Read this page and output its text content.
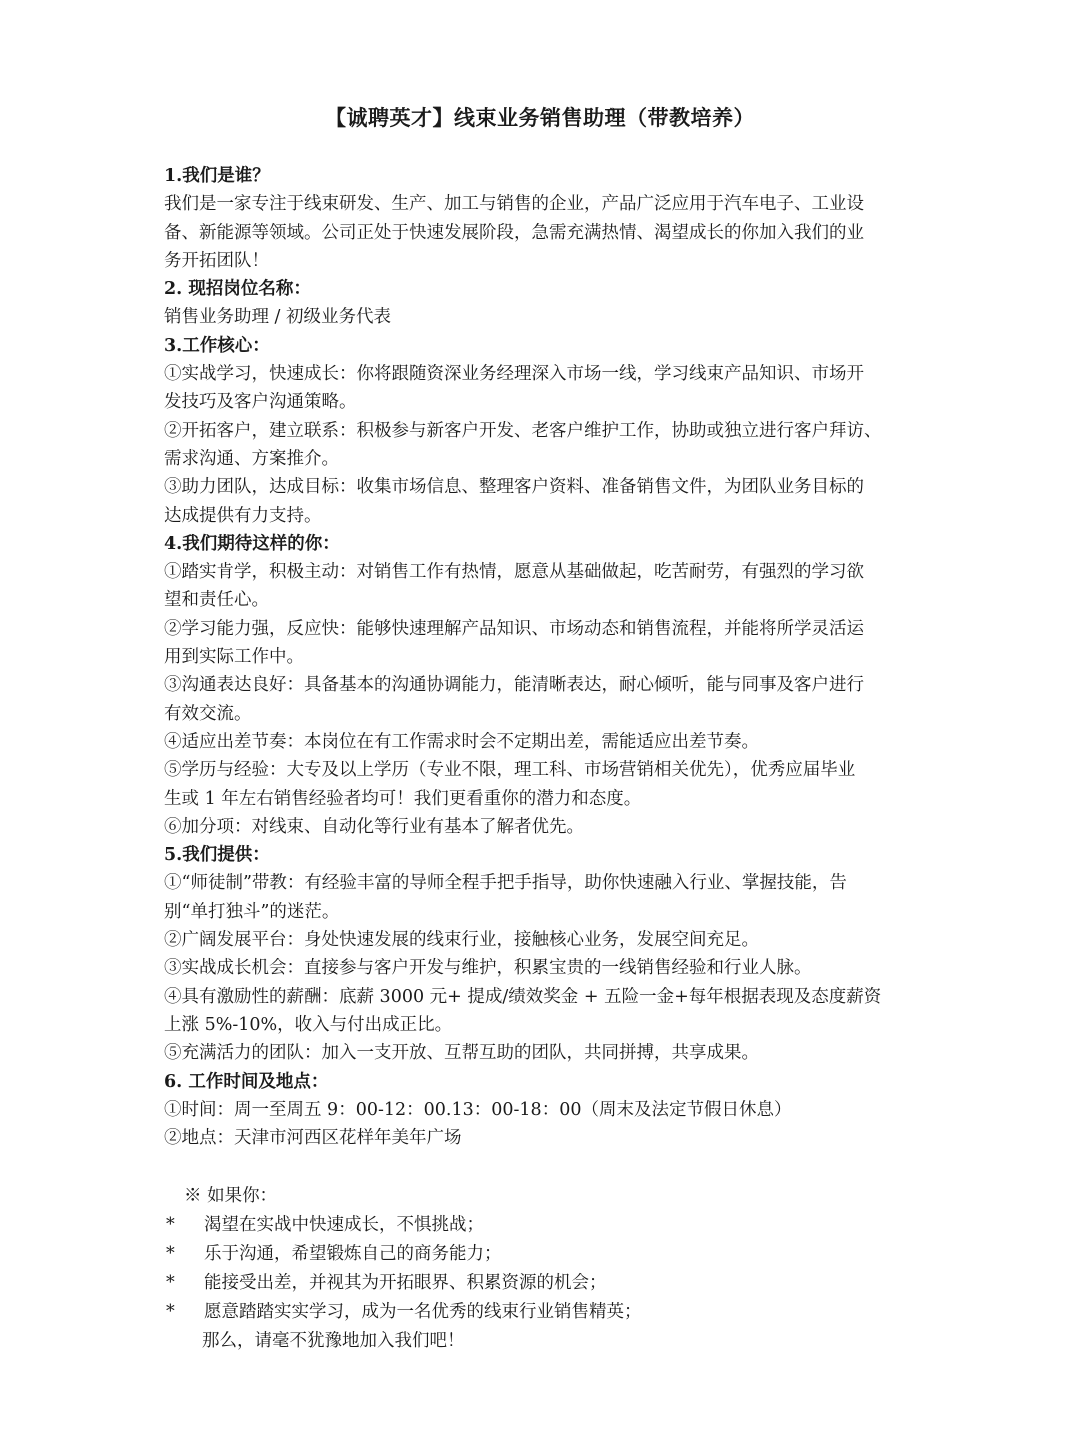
【诚聘英才】线束业务销售助理（带教培养）
1.我们是谁？
我们是一家专注于线束研发、生产、加工与销售的企业，产品广泛应用于汽车电子、工业设
备、新能源等领域。公司正处于快速发展阶段，急需充满热情、渴望成长的你加入我们的业
务开拓团队！
2. 现招岗位名称：
销售业务助理 / 初级业务代表
3.工作核心：
①实战学习，快速成长：你将跟随资深业务经理深入市场一线，学习线束产品知识、市场开
发技巧及客户沟通策略。
②开拓客户，建立联系：积极参与新客户开发、老客户维护工作，协助或独立进行客户拜访、
需求沟通、方案推介。
③助力团队，达成目标：收集市场信息、整理客户资料、准备销售文件，为团队业务目标的
达成提供有力支持。
4.我们期待这样的你：
①踏实肯学，积极主动：对销售工作有热情，愿意从基础做起，吃苦耐劳，有强烈的学习欲
望和责任心。
②学习能力强，反应快：能够快速理解产品知识、市场动态和销售流程，并能将所学灵活运
用到实际工作中。
③沟通表达良好：具备基本的沟通协调能力，能清晰表达，耐心倾听，能与同事及客户进行
有效交流。
④适应出差节奏：本岗位在有工作需求时会不定期出差，需能适应出差节奏。
⑤学历与经验：大专及以上学历（专业不限，理工科、市场营销相关优先），优秀应届毕业
生或 1 年左右销售经验者均可！我们更看重你的潜力和态度。
⑥加分项：对线束、自动化等行业有基本了解者优先。
5.我们提供：
①“师徒制”带教：有经验丰富的导师全程手把手指导，助你快速融入行业、掌握技能，告
别“单打独斗”的迷茫。
②广阔发展平台：身处快速发展的线束行业，接触核心业务，发展空间充足。
③实战成长机会：直接参与客户开发与维护，积累宝贵的一线销售经验和行业人脉。
④具有激励性的薪酬：底薪 3000 元+ 提成/绩效奖金 + 五险一金+每年根据表现及态度薪资
上涨 5%-10%，收入与付出成正比。
⑤充满活力的团队：加入一支开放、互帮互助的团队，共同拼搏，共享成果。
6. 工作时间及地点：
①时间：周一至周五 9：00-12：00.13：00-18：00（周末及法定节假日休息）
②地点：天津市河西区花样年美年广场
※ 如果你：
*	渴望在实战中快速成长，不惧挑战；
*	乐于沟通，希望锻炼自己的商务能力；
*	能接受出差，并视其为开拓眼界、积累资源的机会；
*	愿意踏踏实实学习，成为一名优秀的线束行业销售精英；
那么，请毫不犹豫地加入我们吧！
